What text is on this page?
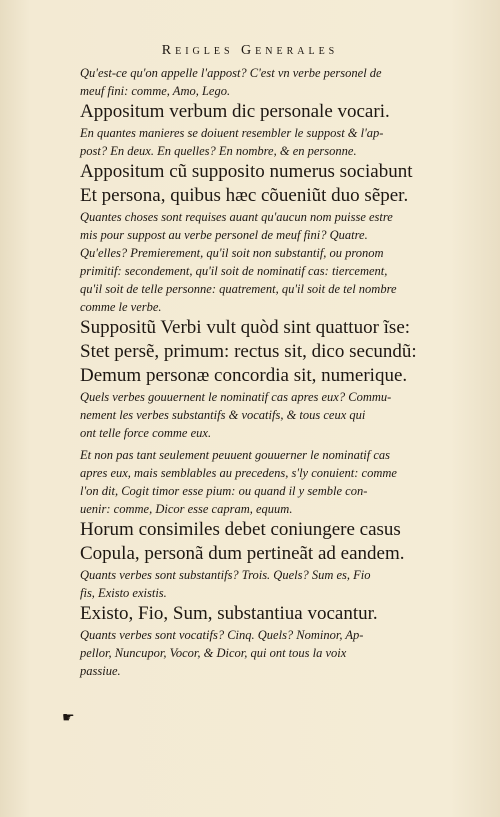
Reigles Generales
Qu'est-ce qu'on appelle l'appost? C'est vn verbe personel de
meuf fini: comme, Amo, Lego.
Appositum verbum dic personale vocari.
En quantes manieres se doiuent resembler le suppost & l'ap-
post? En deux. En quelles? En nombre, & en personne.
Appositum cũ supposito numerus sociabunt
Et persona, quibus hæc cõueniũt duo sẽper.
Quantes choses sont requises auant qu'aucun nom puisse estre
mis pour suppost au verbe personel de meuf fini? Quatre.
Qu'elles? Premierement, qu'il soit non substantif, ou pronom
primitif: secondement, qu'il soit de nominatif cas: tiercement,
qu'il soit de telle personne: quatrement, qu'il soit de tel nombre
comme le verbe.
Suppositũ Verbi vult quòd sint quattuor ĩse:
Stet persẽ, primum: rectus sit, dico secundũ:
Demum personæ concordia sit, numerique.
Quels verbes gouuernent le nominatif cas apres eux? Commu-
nement les verbes substantifs & vocatifs, & tous ceux qui
ont telle force comme eux.
Et non pas tant seulement peuuent gouuerner le nominatif cas
apres eux, mais semblables au precedens, s'ly conuient: comme
l'on dit, Cogit timor esse pium: ou quand il y semble con-
uenir: comme, Dicor esse capram, equum.
Horum consimiles debet coniungere casus
Copula, personã dum pertineãt ad eandem.
Quants verbes sont substantifs? Trois. Quels? Sum es, Fio
fis, Existo existis.
Existo, Fio, Sum, substantiua vocantur.
Quants verbes sont vocatifs? Cinq. Quels? Nominor, Ap-
pellor, Nuncupor, Vocor, & Dicor, qui ont tous la voix
passiue.
☛
